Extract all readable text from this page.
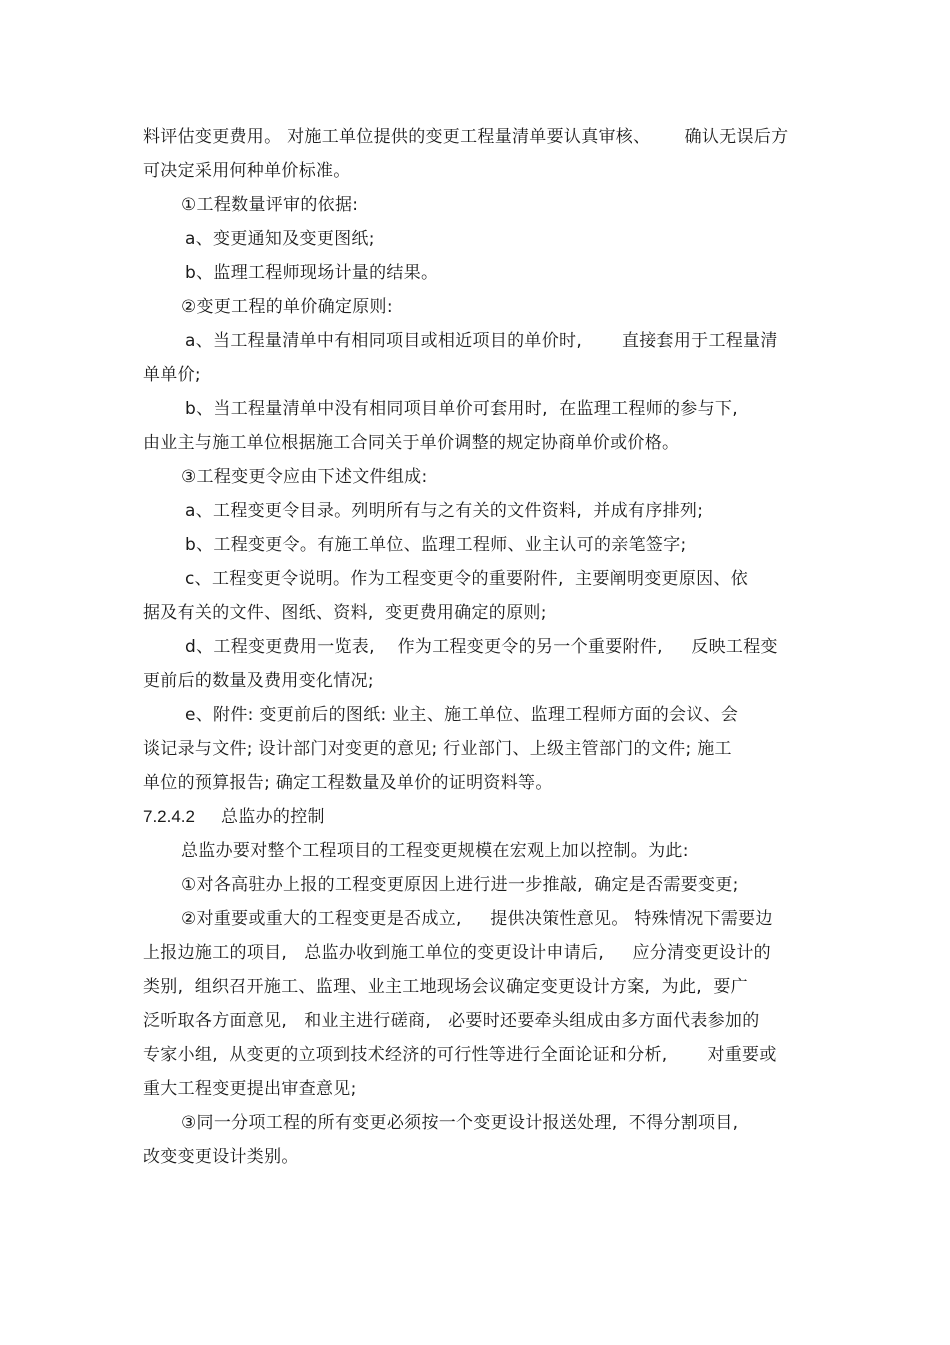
料评估变更费用。 对施工单位提供的变更工程量清单要认真审核、      确认无误后方
可决定采用何种单价标准。
①工程数量评审的依据:
a、变更通知及变更图纸;
b、监理工程师现场计量的结果。
②变更工程的单价确定原则:
a、当工程量清单中有相同项目或相近项目的单价时,       直接套用于工程量清
单单价;
b、当工程量清单中没有相同项目单价可套用时,  在监理工程师的参与下,
由业主与施工单位根据施工合同关于单价调整的规定协商单价或价格。
③工程变更令应由下述文件组成:
a、工程变更令目录。列明所有与之有关的文件资料,  并成有序排列;
b、工程变更令。有施工单位、监理工程师、业主认可的亲笔签字;
c、工程变更令说明。作为工程变更令的重要附件,  主要阐明变更原因、依
据及有关的文件、图纸、资料,  变更费用确定的原则;
d、工程变更费用一览表,    作为工程变更令的另一个重要附件,     反映工程变
更前后的数量及费用变化情况;
e、附件: 变更前后的图纸: 业主、施工单位、监理工程师方面的会议、会
谈记录与文件; 设计部门对变更的意见; 行业部门、上级主管部门的文件; 施工
单位的预算报告; 确定工程数量及单价的证明资料等。
7.2.4.2 总监办的控制
总监办要对整个工程项目的工程变更规模在宏观上加以控制。为此:
①对各高驻办上报的工程变更原因上进行进一步推敲,  确定是否需要变更;
②对重要或重大的工程变更是否成立,     提供决策性意见。 特殊情况下需要边
上报边施工的项目,   总监办收到施工单位的变更设计申请后,     应分清变更设计的
类别,  组织召开施工、监理、业主工地现场会议确定变更设计方案,  为此,  要广
泛听取各方面意见,   和业主进行磋商,   必要时还要牵头组成由多方面代表参加的
专家小组,  从变更的立项到技术经济的可行性等进行全面论证和分析,       对重要或
重大工程变更提出审查意见;
③同一分项工程的所有变更必须按一个变更设计报送处理,  不得分割项目,
改变变更设计类别。
